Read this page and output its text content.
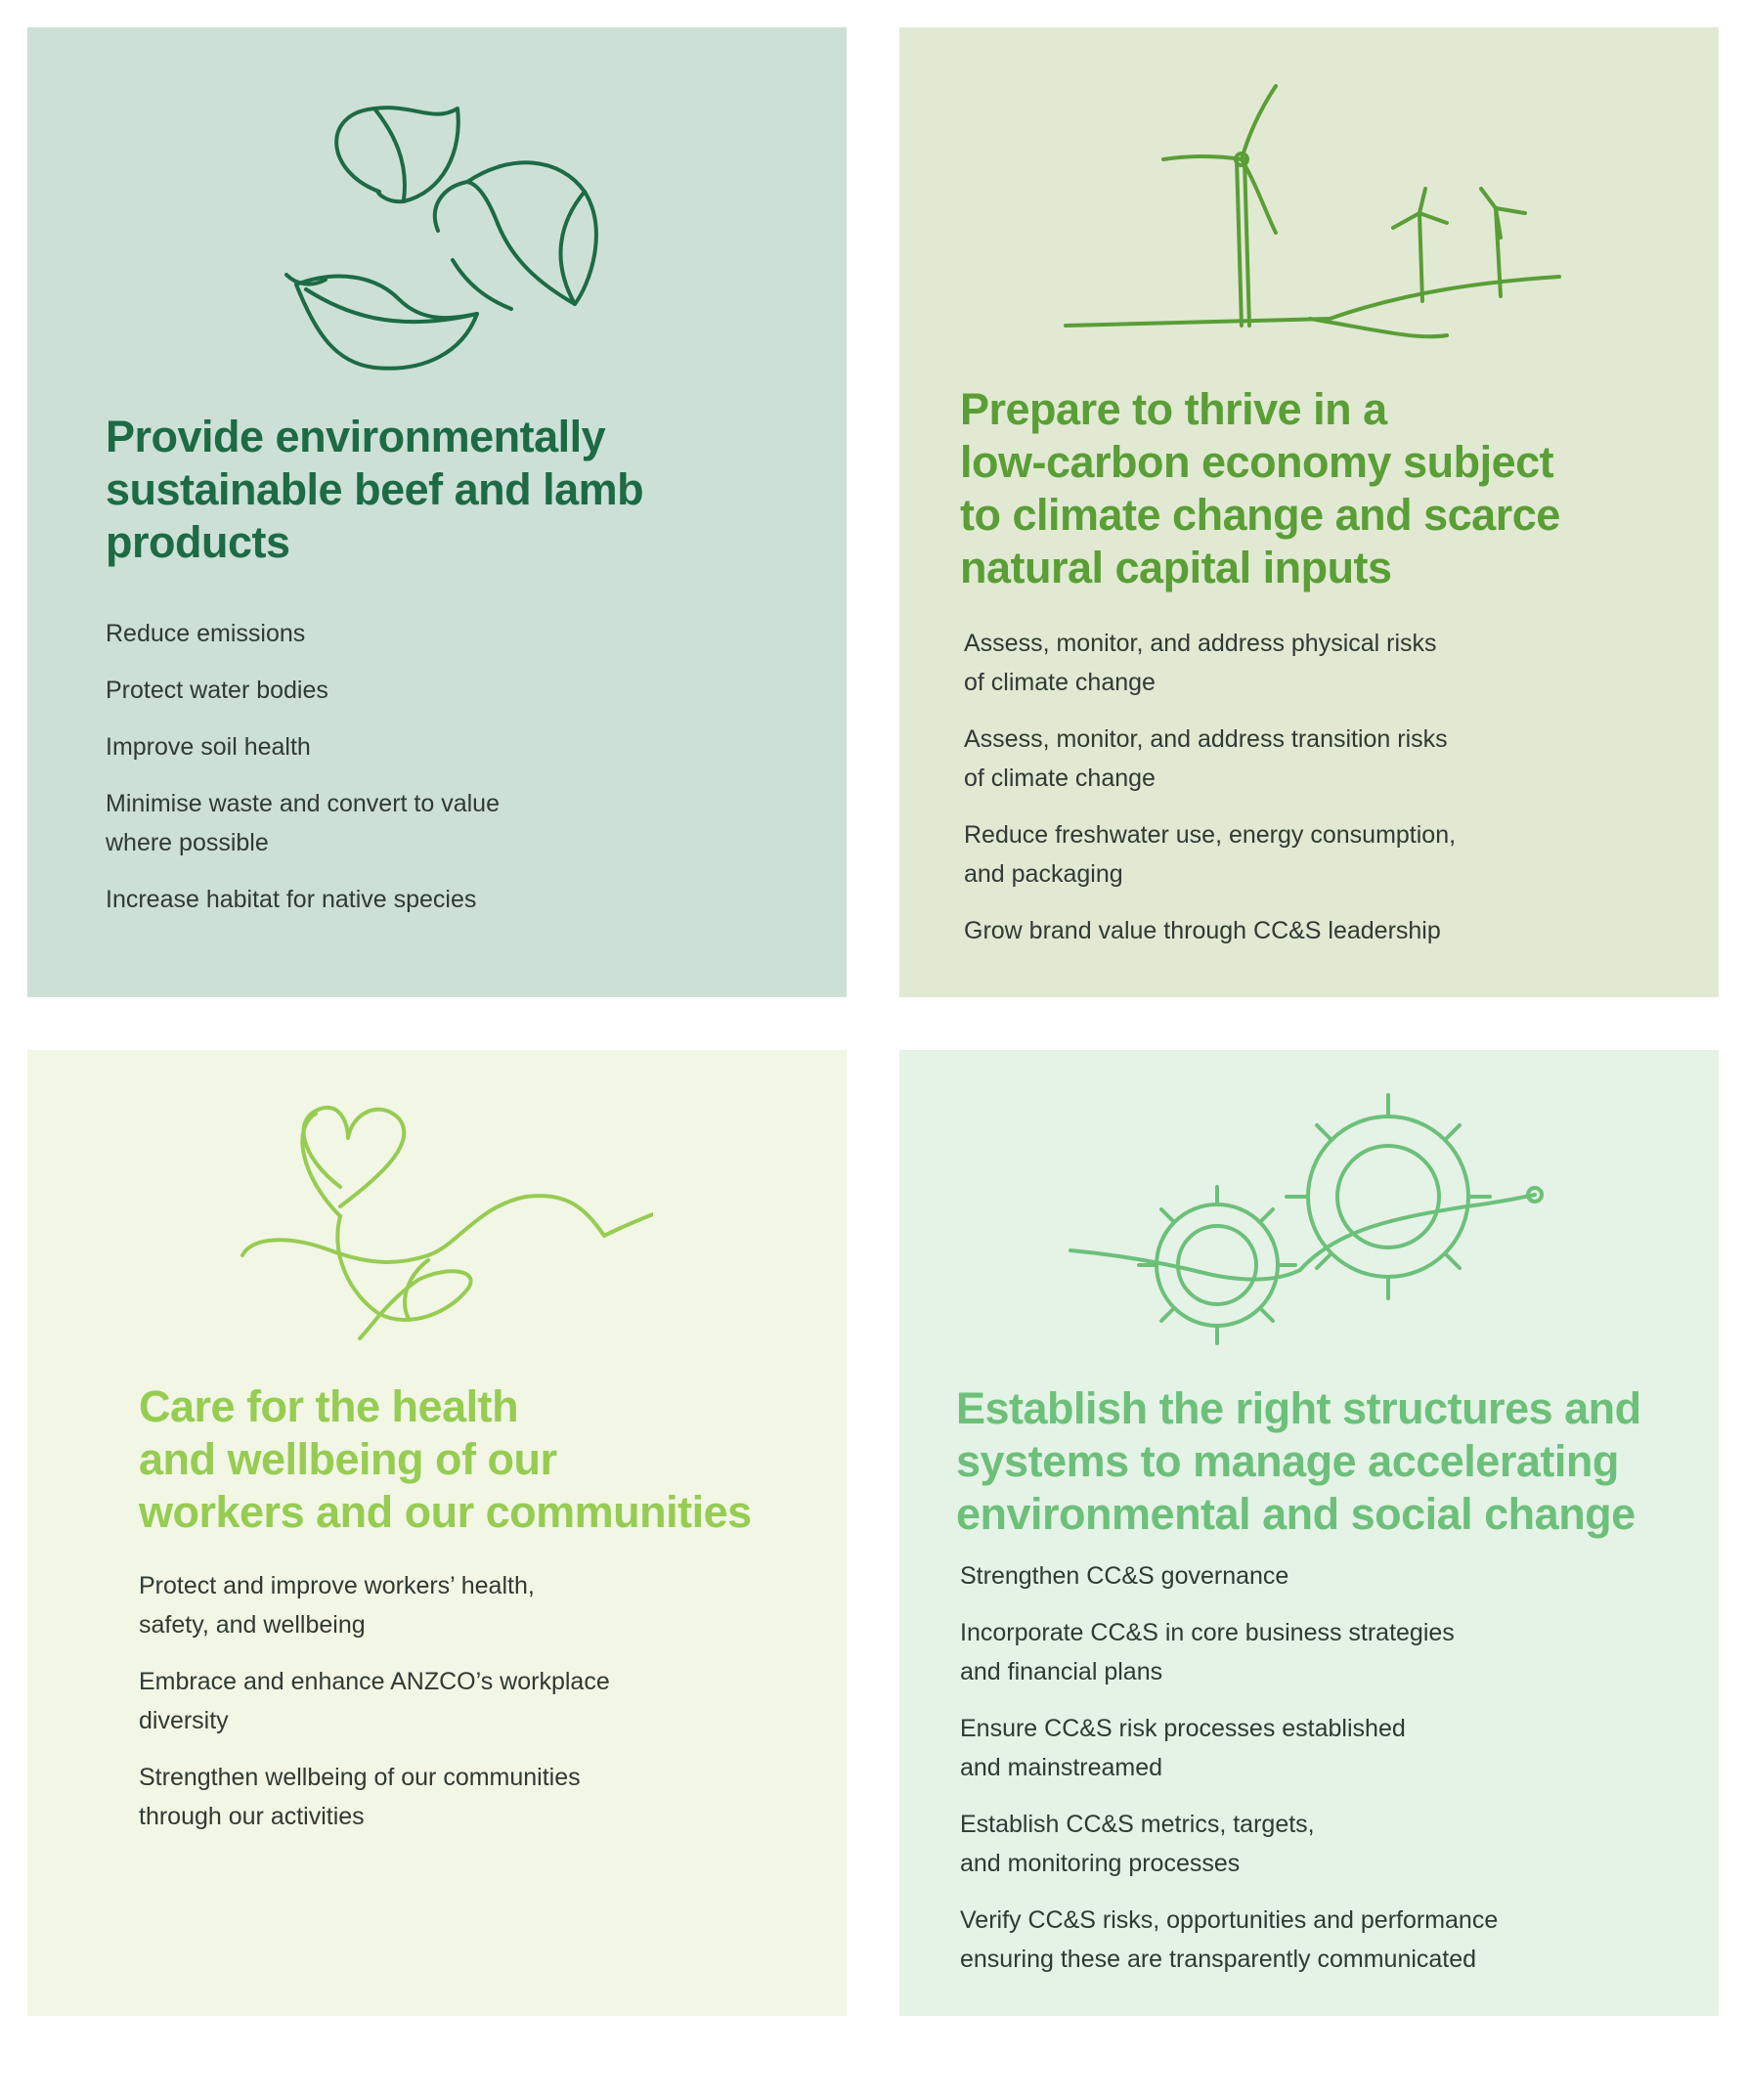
Provide environmentally
sustainable beef and lamb
products
Reduce emissions
Protect water bodies
Improve soil health
Minimise waste and convert to value
where possible
Increase habitat for native species
Prepare to thrive in a
low-carbon economy subject
to climate change and scarce
natural capital inputs
Assess, monitor, and address physical risks
of climate change
Assess, monitor, and address transition risks
of climate change
Reduce freshwater use, energy consumption,
and packaging
Grow brand value through CC&S leadership
Care for the health
and wellbeing of our
workers and our communities
Protect and improve workers’ health,
safety, and wellbeing
Embrace and enhance ANZCO’s workplace
diversity
Strengthen wellbeing of our communities
through our activities
Establish the right structures and
systems to manage accelerating
environmental and social change
Strengthen CC&S governance
Incorporate CC&S in core business strategies
and financial plans
Ensure CC&S risk processes established
and mainstreamed
Establish CC&S metrics, targets,
and monitoring processes
Verify CC&S risks, opportunities and performance
ensuring these are transparently communicated
